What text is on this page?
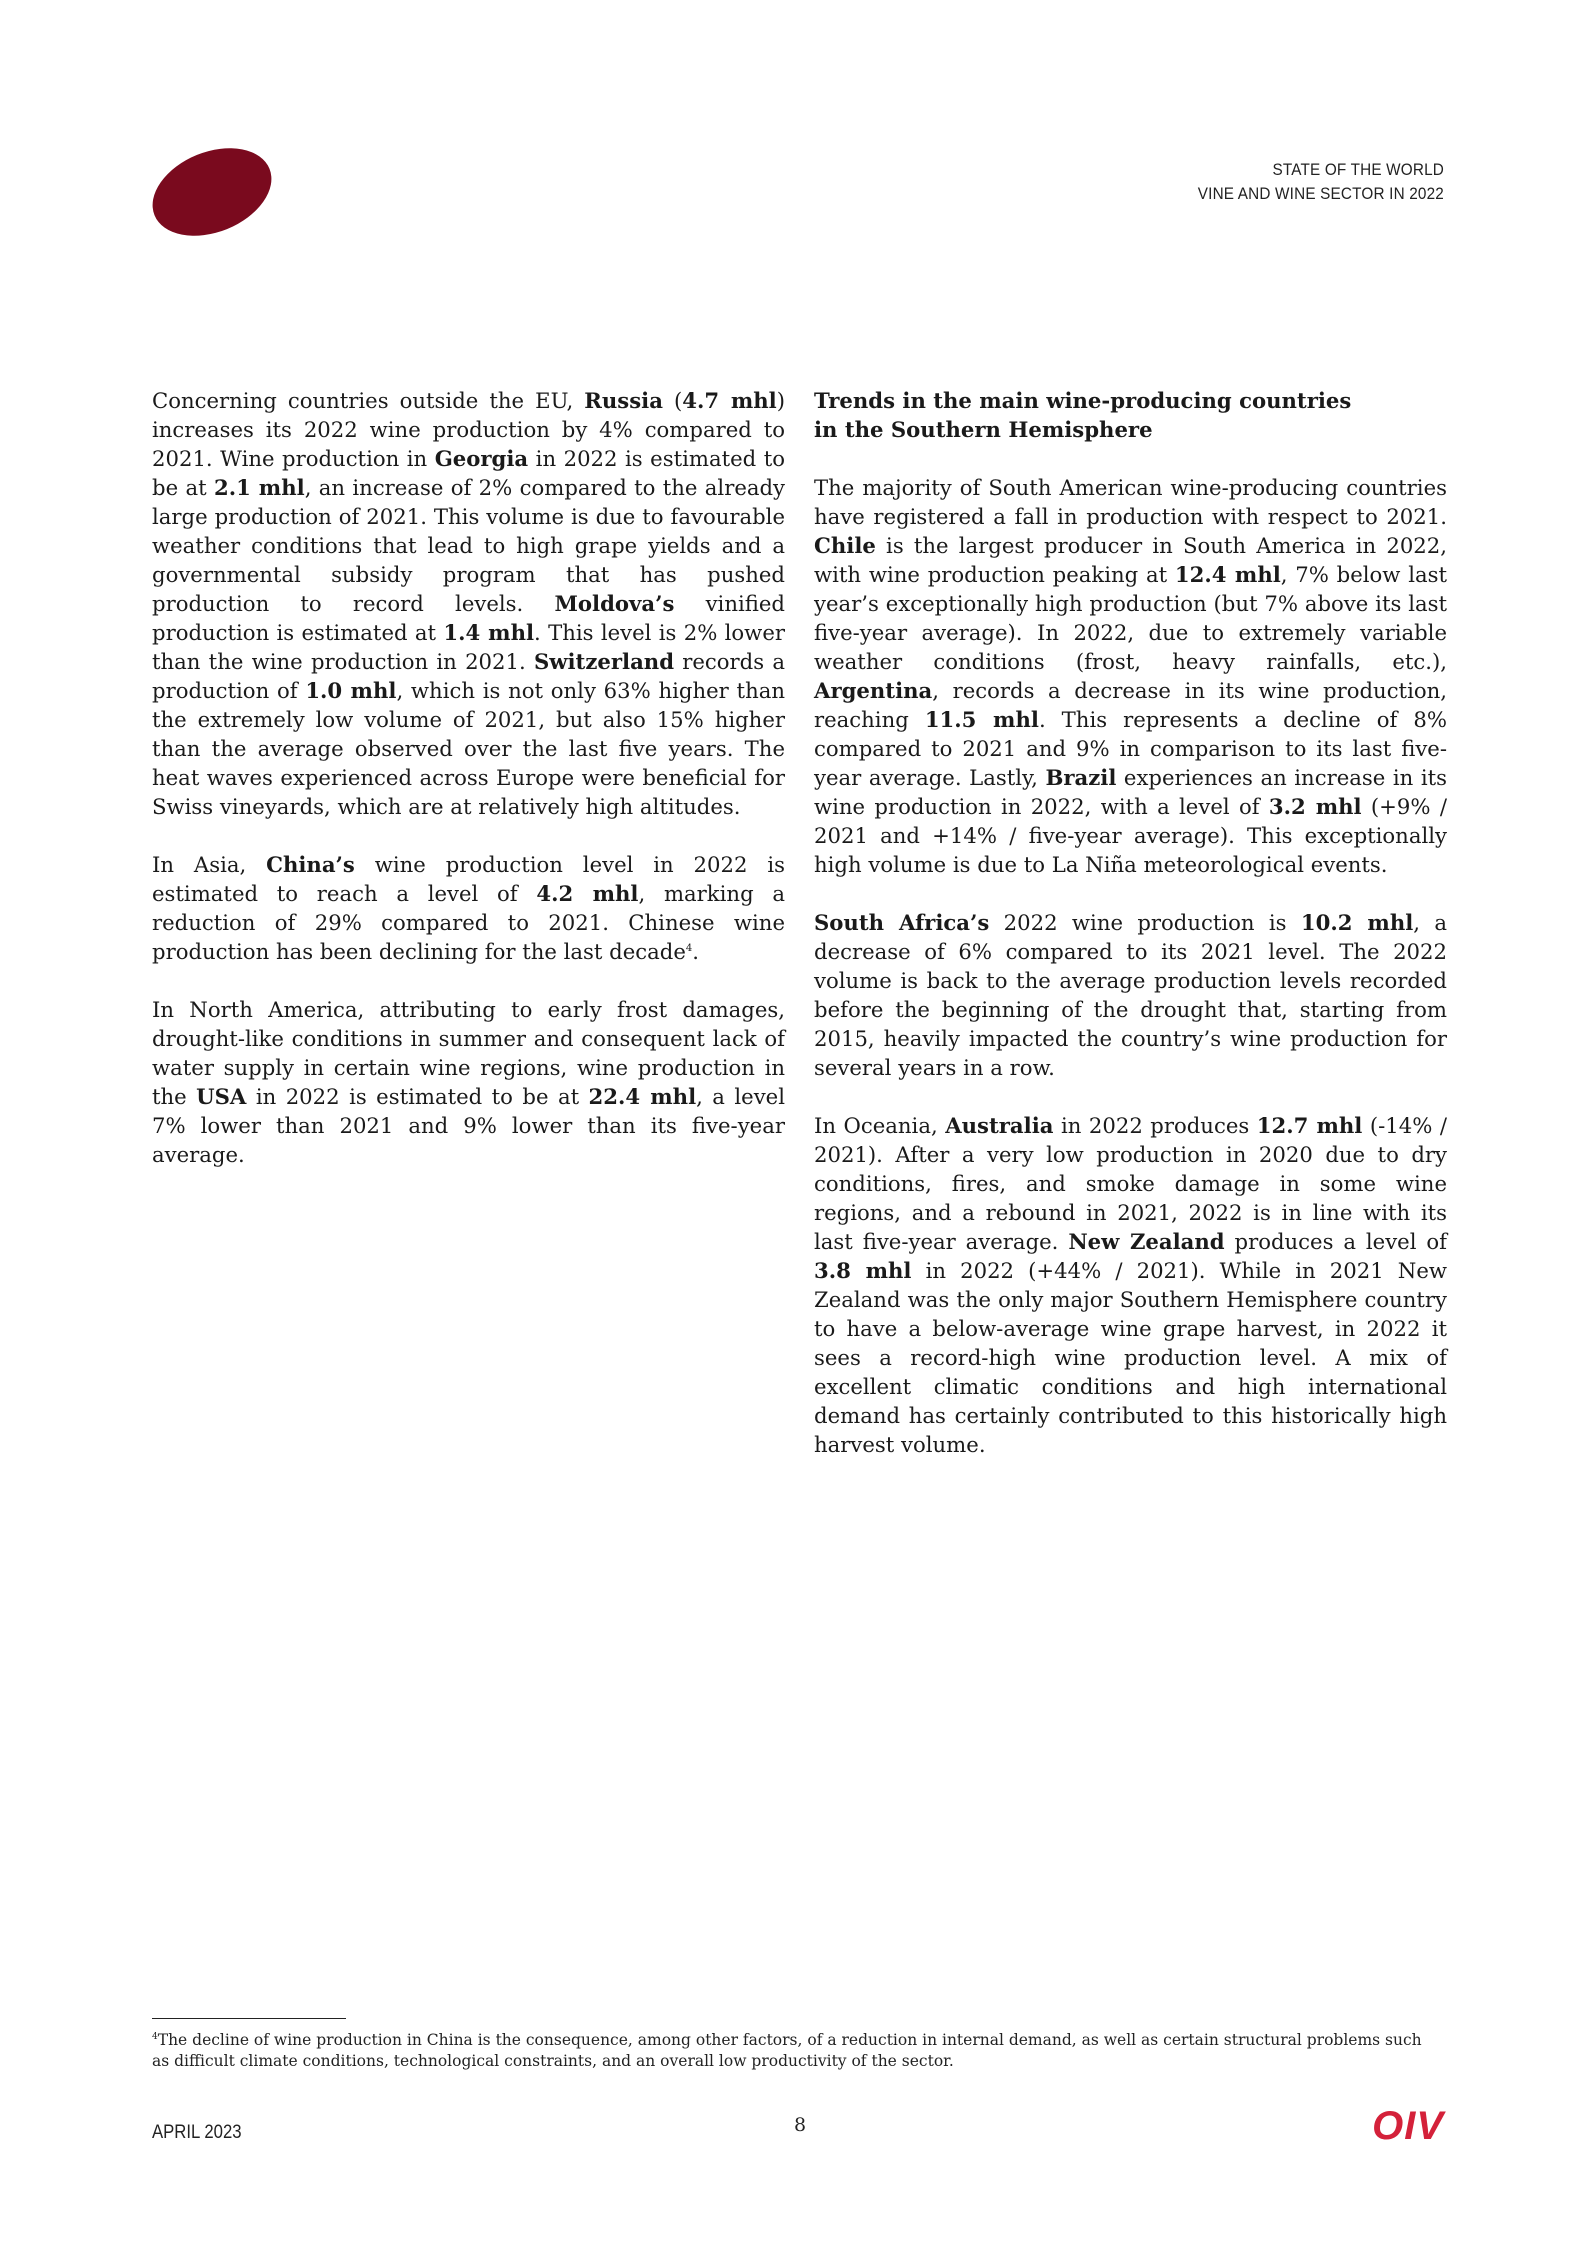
STATE OF THE WORLD
VINE AND WINE SECTOR IN 2022

Concerning countries outside the EU, Russia (4.7 mhl) increases its 2022 wine production by 4% compared to 2021. Wine production in Georgia in 2022 is estimated to be at 2.1 mhl, an increase of 2% compared to the already large production of 2021. This volume is due to favourable weather conditions that lead to high grape yields and a governmental subsidy program that has pushed production to record levels. Moldova’s vinified production is estimated at 1.4 mhl. This level is 2% lower than the wine production in 2021. Switzerland records a production of 1.0 mhl, which is not only 63% higher than the extremely low volume of 2021, but also 15% higher than the average observed over the last five years. The heat waves experienced across Europe were beneficial for Swiss vineyards, which are at relatively high altitudes.

In Asia, China’s wine production level in 2022 is estimated to reach a level of 4.2 mhl, marking a reduction of 29% compared to 2021. Chinese wine production has been declining for the last decade$^4$.

In North America, attributing to early frost damages, drought-like conditions in summer and consequent lack of water supply in certain wine regions, wine production in the USA in 2022 is estimated to be at 22.4 mhl, a level 7% lower than 2021 and 9% lower than its five-year average.

Trends in the main wine-producing countries
in the Southern Hemisphere

The majority of South American wine-producing countries have registered a fall in production with respect to 2021. Chile is the largest producer in South America in 2022, with wine production peaking at 12.4 mhl, 7% below last year’s exceptionally high production (but 7% above its last five-year average). In 2022, due to extremely variable weather conditions (frost, heavy rainfalls, etc.), Argentina, records a decrease in its wine production, reaching 11.5 mhl. This represents a decline of 8% compared to 2021 and 9% in comparison to its last five-year average. Lastly, Brazil experiences an increase in its wine production in 2022, with a level of 3.2 mhl (+9% / 2021 and +14% / five-year average). This exceptionally high volume is due to La Niña meteorological events.

South Africa’s 2022 wine production is 10.2 mhl, a decrease of 6% compared to its 2021 level. The 2022 volume is back to the average production levels recorded before the beginning of the drought that, starting from 2015, heavily impacted the country’s wine production for several years in a row.

In Oceania, Australia in 2022 produces 12.7 mhl (-14% / 2021). After a very low production in 2020 due to dry conditions, fires, and smoke damage in some wine regions, and a rebound in 2021, 2022 is in line with its last five-year average. New Zealand produces a level of 3.8 mhl in 2022 (+44% / 2021). While in 2021 New Zealand was the only major Southern Hemisphere country to have a below-average wine grape harvest, in 2022 it sees a record-high wine production level. A mix of excellent climatic conditions and high international demand has certainly contributed to this historically high harvest volume.

$^4$The decline of wine production in China is the consequence, among other factors, of a reduction in internal demand, as well as certain structural problems such as difficult climate conditions, technological constraints, and an overall low productivity of the sector.
APRIL 2023	8	OIV
